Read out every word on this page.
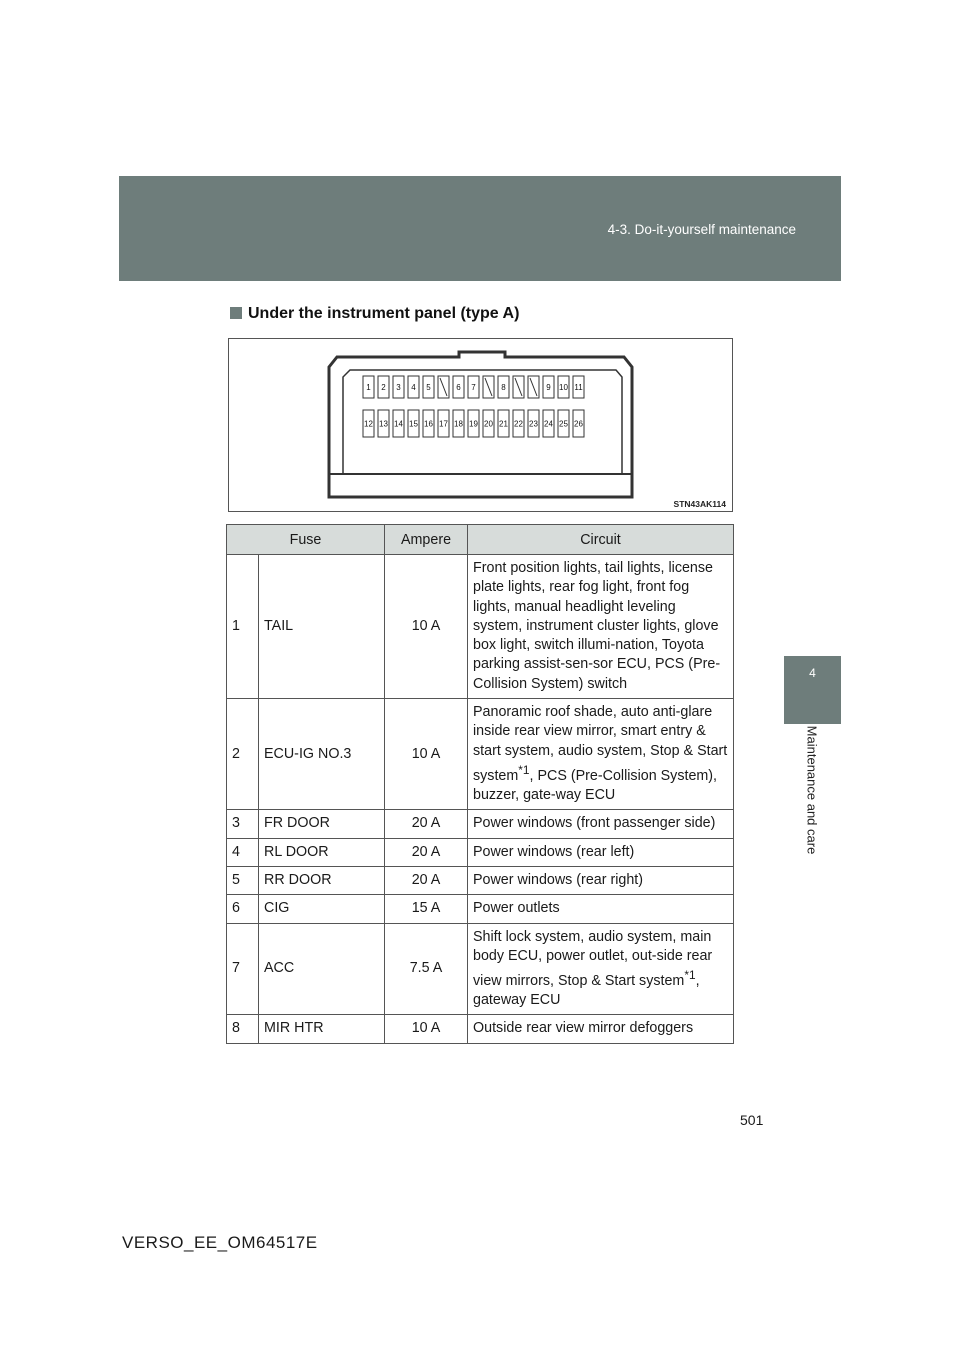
4-3. Do-it-yourself maintenance
4
Maintenance and care
Under the instrument panel (type A)
1 2 3 4 5	6 7	8	9 10 11
12 13 14 15 16 17 18 19 20 21 22 23 24 25 26
STN43AK114
Fuse		Ampere	Circuit
1	TAIL	10 A	Front position lights, tail lights, license plate lights, rear fog light, front fog lights, manual headlight leveling system, instrument cluster lights, glove box light, switch illumi-nation, Toyota parking assist-sen-sor ECU, PCS (Pre-Collision System) switch
2	ECU-IG NO.3	10 A	Panoramic roof shade, auto anti-glare inside rear view mirror, smart entry & start system, audio system, Stop & Start system$^{*1}$, PCS (Pre-Collision System), buzzer, gate-way ECU
3	FR DOOR	20 A	Power windows (front passenger side)
4	RL DOOR	20 A	Power windows (rear left)
5	RR DOOR	20 A	Power windows (rear right)
6	CIG	15 A	Power outlets
7	ACC	7.5 A	Shift lock system, audio system, main body ECU, power outlet, out-side rear view mirrors, Stop & Start system$^{*1}$, gateway ECU
8	MIR HTR	10 A	Outside rear view mirror defoggers
501
VERSO_EE_OM64517E
